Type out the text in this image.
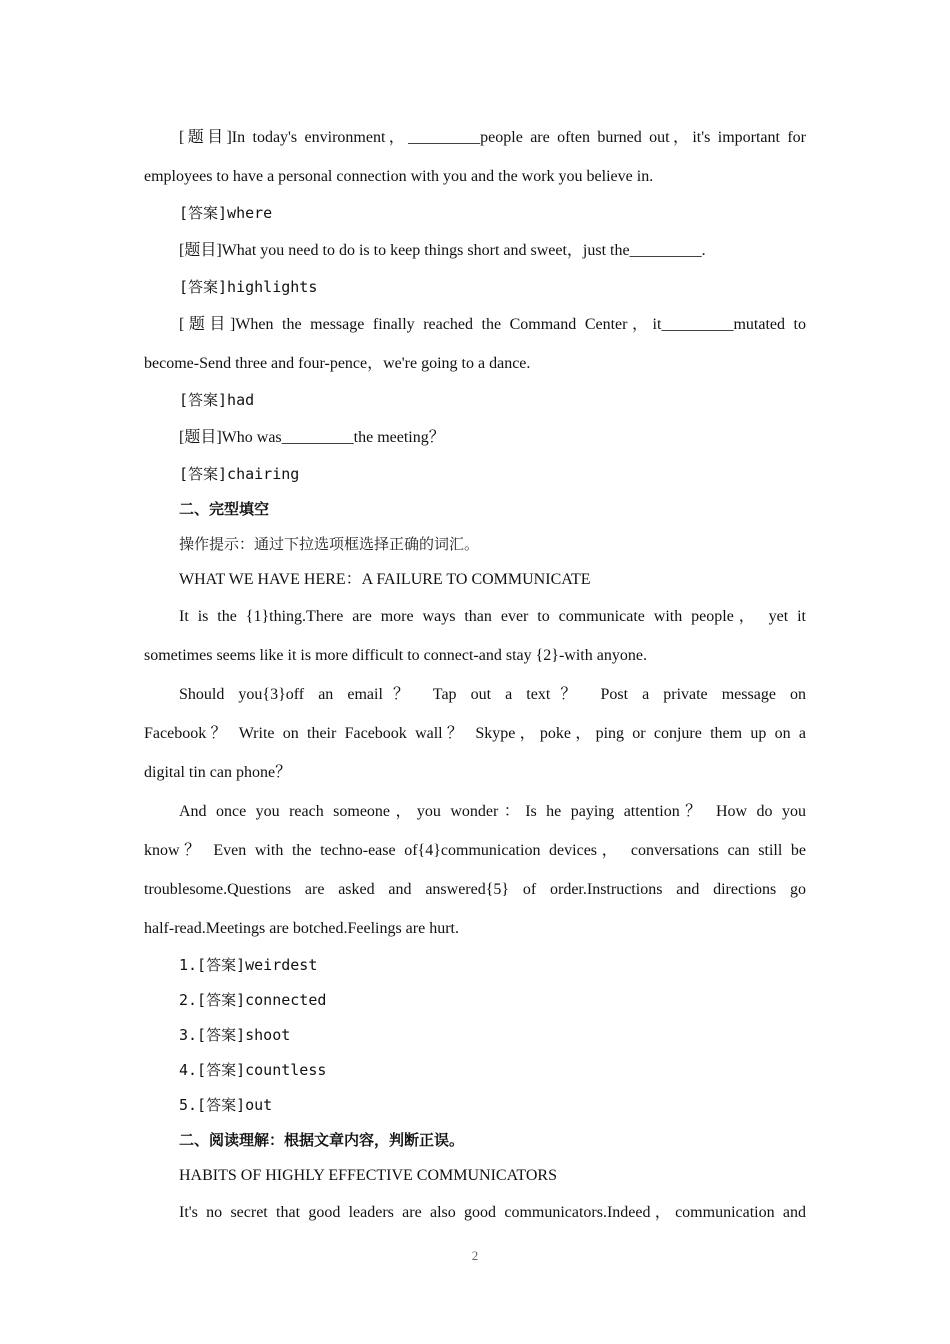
[题目]In today's environment，_________people are often burned out，it's important for

employees to have a personal connection with you and the work you believe in.

[答案]where

[题目]What you need to do is to keep things short and sweet，just the_________.

[答案]highlights

[题目]When the message finally reached the Command Center，it_________mutated to

become-Send three and four-pence，we're going to a dance.

[答案]had

[题目]Who was_________the meeting？

[答案]chairing

二、完型填空

操作提示：通过下拉选项框选择正确的词汇。

WHAT WE HAVE HERE：A FAILURE TO COMMUNICATE

It is the {1}thing.There are more ways than ever to communicate with people， yet it

sometimes seems like it is more difficult to connect-and stay {2}-with anyone.

Should you{3}off an email？ Tap out a text？ Post a private message on

Facebook？ Write on their Facebook wall？ Skype，poke，ping or conjure them up on a

digital tin can phone？

And once you reach someone，you wonder：Is he paying attention？ How do you

know？ Even with the techno-ease of{4}communication devices， conversations can still be

troublesome.Questions are asked and answered{5} of order.Instructions and directions go

half-read.Meetings are botched.Feelings are hurt.

1.[答案]weirdest

2.[答案]connected

3.[答案]shoot

4.[答案]countless

5.[答案]out

二、阅读理解：根据文章内容，判断正误。

HABITS OF HIGHLY EFFECTIVE COMMUNICATORS

It's no secret that good leaders are also good communicators.Indeed，communication and

2
